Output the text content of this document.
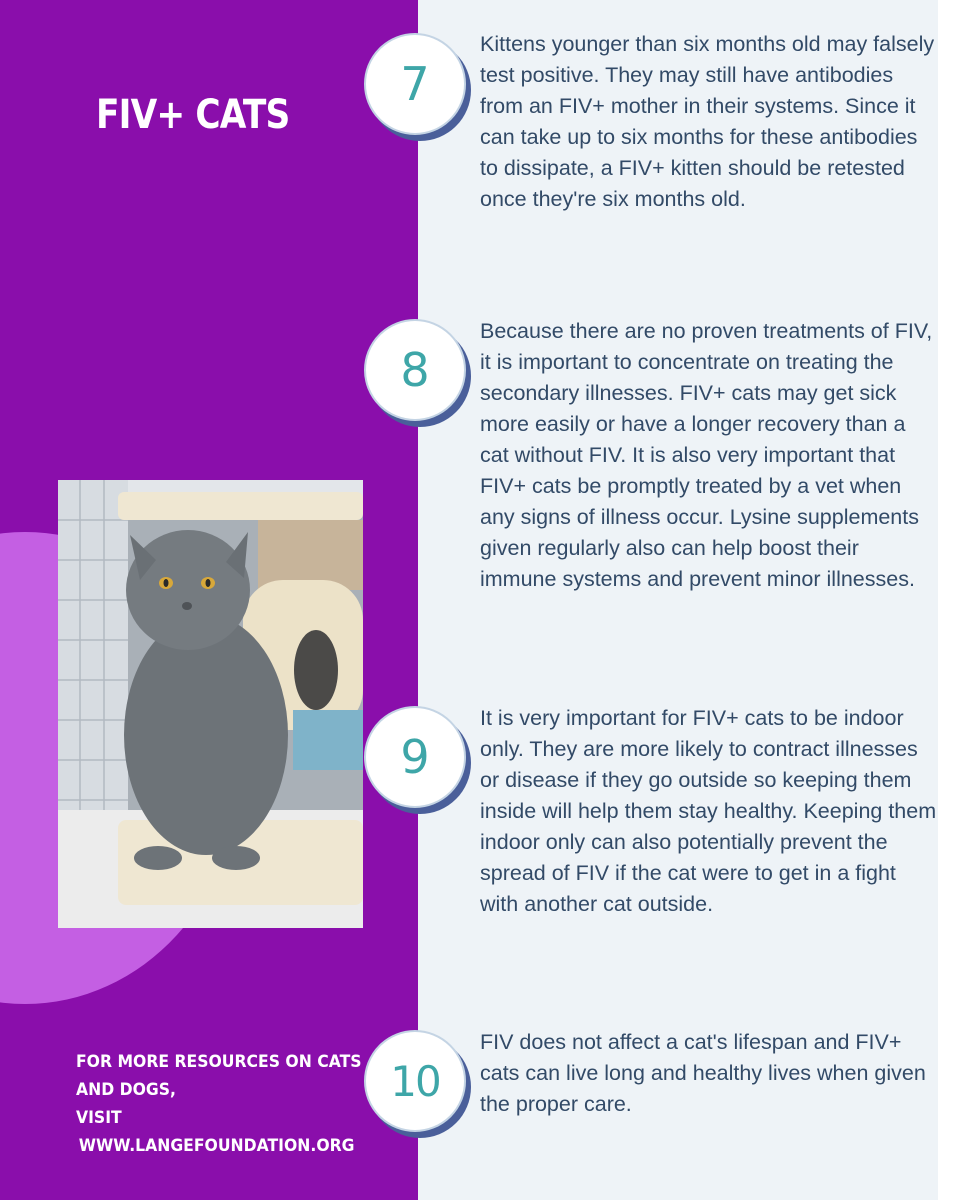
FIV+ CATS

FOR MORE RESOURCES ON CATS
AND DOGS,
VISIT
WWW.LANGEFOUNDATION.ORG

7

Kittens younger than six months old may falsely test positive. They may still have antibodies from an FIV+ mother in their systems. Since it can take up to six months for these antibodies to dissipate, a FIV+ kitten should be retested once they're six months old.

8

Because there are no proven treatments of FIV, it is important to concentrate on treating the secondary illnesses. FIV+ cats may get sick more easily or have a longer recovery than a cat without FIV. It is also very important that FIV+ cats be promptly treated by a vet when any signs of illness occur. Lysine supplements given regularly also can help boost their immune systems and prevent minor illnesses.

9

It is very important for FIV+ cats to be indoor only. They are more likely to contract illnesses or disease if they go outside so keeping them inside will help them stay healthy. Keeping them indoor only can also potentially prevent the spread of FIV if the cat were to get in a fight with another cat outside.

10

FIV does not affect a cat's lifespan and FIV+ cats can live long and healthy lives when given the proper care.
